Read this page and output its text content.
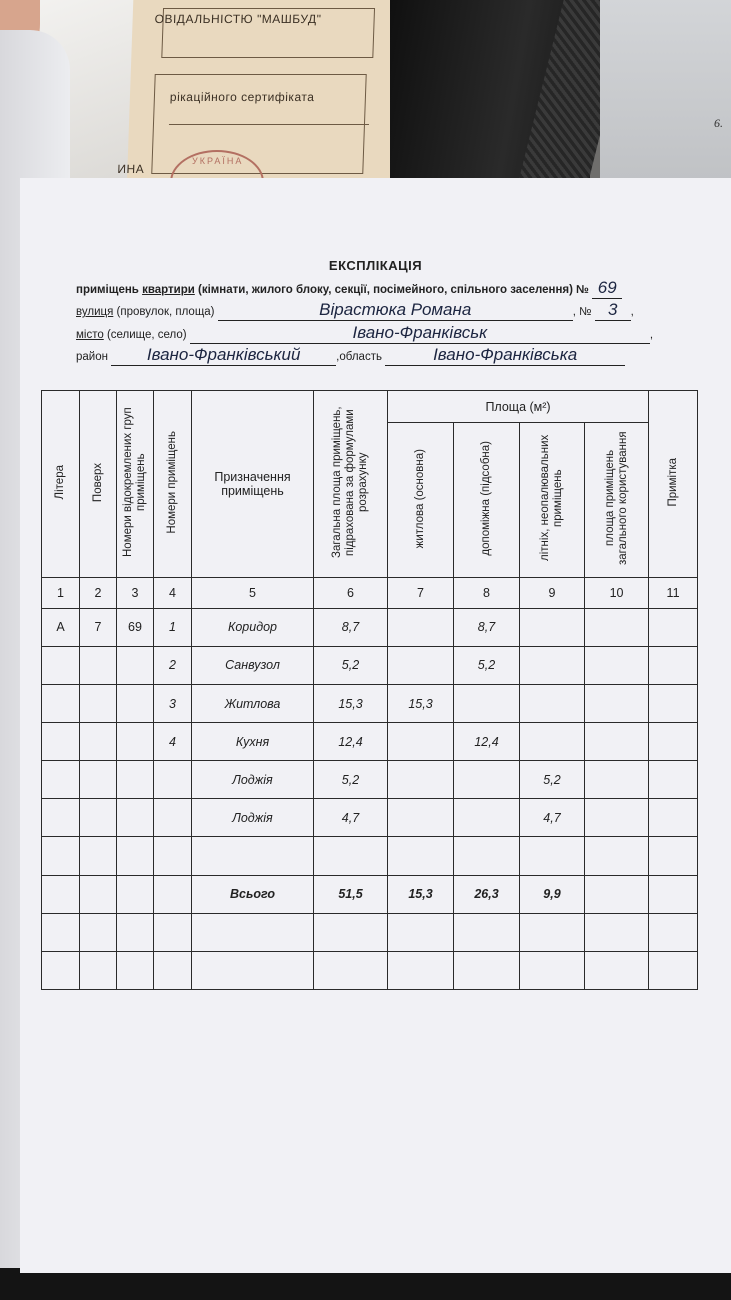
ОВІДАЛЬНІСТЮ "МАШБУД"
рікаційного сертифіката
ИНА
УКРАЇНА
6.
ЕКСПЛІКАЦІЯ
приміщень квартири (кімнати, жилого блоку, секції, посімейного, спільного заселення) № 69
вулиця (провулок, площа)	Вірастюка Романа	, № 3 ,
місто (селище, село)	Івано-Франківськ	,
район Івано-Франківський	,область	Івано-Франківська
Літера	Поверх	Номери відокремлених груп приміщень	Номери приміщень	Призначення приміщень	Загальна площа приміщень, підрахована за формулами розрахунку	Площа (м²)				Примітка
						житлова (основна)	допоміжна (підсобна)	літніх, неопалювальних приміщень	площа приміщень загального користування	
1	2	3	4	5	6	7	8	9	10	11
А	7	69	1	Коридор	8,7		8,7			
			2	Санвузол	5,2		5,2			
			3	Житлова	15,3	15,3				
			4	Кухня	12,4		12,4			
				Лоджія	5,2			5,2		
				Лоджія	4,7			4,7		

				Всього	51,5	15,3	26,3	9,9		
